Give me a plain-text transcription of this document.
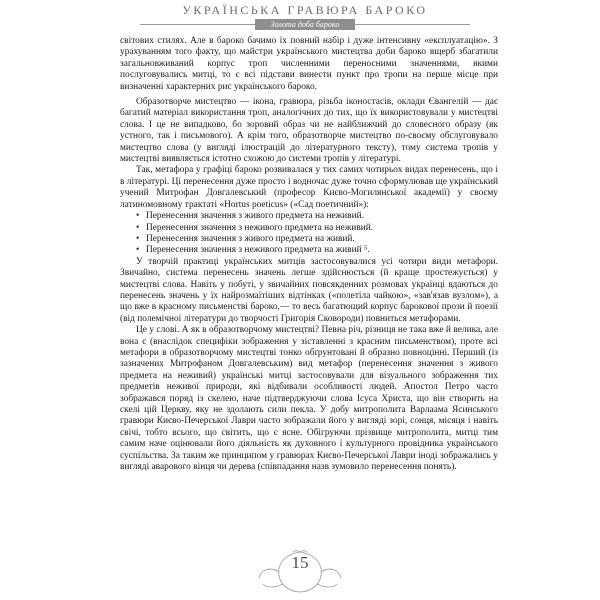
УКРАЇНСЬКА ГРАВЮРА БАРОКО
Золота доба бароко

світових стилях. Але в бароко бачимо їх повний набір і дуже інтенсивну «експлуатацію». З урахуванням того факту, що майстри українського мистецтва доби бароко вщерб збагатили загальновживаний корпус троп численними переносними значеннями, якими послуговувались митці, то є всі підстави винести пункт про тропи на перше місце при визначенні характерних рис українського бароко.

Образотворче мистецтво — ікона, гравюра, різьба іконостасів, оклади Євангелій — дає багатий матеріал використання троп, аналогічних до тих, що їх використовували у мистецтві слова. І це не випадково, бо зоровий образ чи не найближчий до словесного образу (як устного, так і письмового). А крім того, образотворче мистецтво по-своєму обслуговувало мистецтво слова (у вигляді ілюстрацій до літературного тексту), тому система тропів у мистецтві виявляється істотно схожою до системи тропів у літературі.

Так, метафора у графіці бароко розвивалася у тих самих чотирьох видах перенесень, що і в літературі. Ці перенесення дуже просто і водночас дуже точно сформулював ще український учений Митрофан Довгалевський (професор Києво-Могилянської академії) у своєму латиномовному трактаті «Hortus poeticus» («Сад поетичний»):

• Перенесення значення з живого предмета на неживий.
• Перенесення значення з неживого предмета на неживий.
• Перенесення значення з живого предмета на живий.
• Перенесення значення з неживого предмета на живий ⁵.

У творчій практиці українських митців застосовувалися усі чотири види метафори. Звичайно, система перенесень значень легше здійснюється (й краще простежується) у мистецтві слова. Навіть у побуті, у звичайних повсякденних розмовах українці вдаються до перенесень значень у їх найрозмаїтіших відтінках («полетіла чайкою», «зав'язав вузлом»), а що вже в красному письменстві бароко,— то весь багатющий корпус барокової прози й поезії (від полемічної літератури до творчості Григорія Сковороди) повниться метафорами.

Це у слові. А як в образотворчому мистецтві? Певна річ, різниця не така вже й велика, але вона є (внаслідок специфіки зображення у зіставленні з красним письменством), проте всі метафори в образотворчому мистецтві тонко обґрунтовані й образно повноцінні. Перший (із зазначених Митрофаном Довгалевським) вид метафор (перенесення значення з живого предмета на неживий) українські митці застосовували для візуального зображення тих предметів неживої природи, які відбивали особливості людей. Апостол Петро часто зображався поряд із скелею, наче підтверджуючи слова Ісуса Христа, що він створить на скелі цій Церкву, яку не здолають сили пекла. У добу митрополита Варлаама Ясинського гравюри Києво-Печерської Лаври часто зображали його у вигляді зорі, сонця, місяця і навіть свічі, тобто всього, що світить, що є ясне. Обігруючи прізвище митрополита, митці тим самим наче оцінювали його діяльність як духовного і культурного провідника українського суспільства. За таким же принципом у гравюрах Києво-Печерської Лаври іноді зображались у вигляді аварового вінця чи дерева (співпадання назв зумовило перенесення понять).

15
